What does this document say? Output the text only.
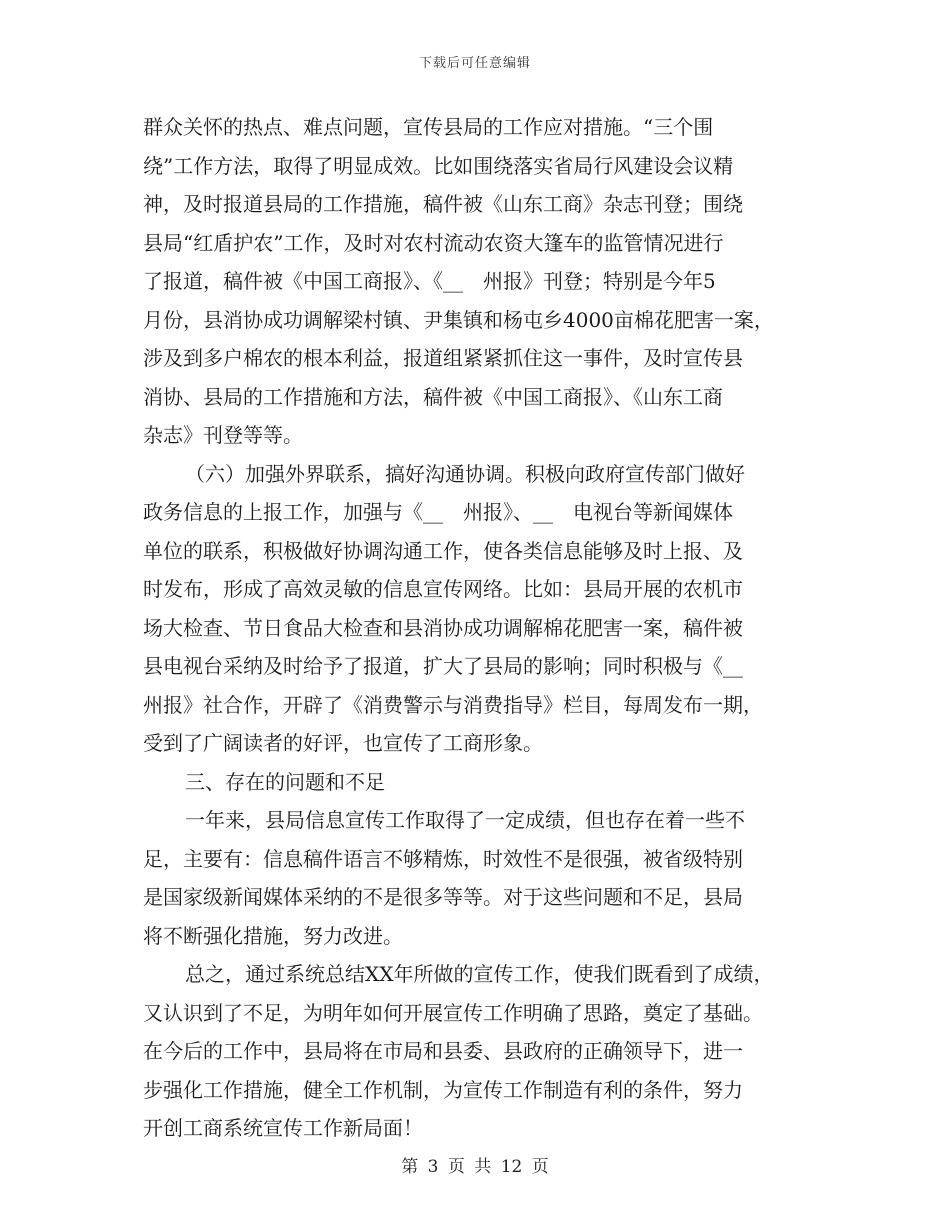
下载后可任意编辑
群众关怀的热点、难点问题，宣传县局的工作应对措施。“三个围
绕”工作方法，取得了明显成效。比如围绕落实省局行风建设会议精
神，及时报道县局的工作措施，稿件被《山东工商》杂志刊登；围绕
县局“红盾护农”工作，及时对农村流动农资大篷车的监管情况进行
了报道，稿件被《中国工商报》、《__　州报》刊登；特别是今年5
月份，县消协成功调解梁村镇、尹集镇和杨屯乡4000亩棉花肥害一案，
涉及到多户棉农的根本利益，报道组紧紧抓住这一事件，及时宣传县
消协、县局的工作措施和方法，稿件被《中国工商报》、《山东工商
杂志》刊登等等。
（六）加强外界联系，搞好沟通协调。积极向政府宣传部门做好
政务信息的上报工作，加强与《__　州报》、__　电视台等新闻媒体
单位的联系，积极做好协调沟通工作，使各类信息能够及时上报、及
时发布，形成了高效灵敏的信息宣传网络。比如：县局开展的农机市
场大检查、节日食品大检查和县消协成功调解棉花肥害一案，稿件被
县电视台采纳及时给予了报道，扩大了县局的影响；同时积极与《__
州报》社合作，开辟了《消费警示与消费指导》栏目，每周发布一期，
受到了广阔读者的好评，也宣传了工商形象。
三、存在的问题和不足
一年来，县局信息宣传工作取得了一定成绩，但也存在着一些不
足，主要有：信息稿件语言不够精炼，时效性不是很强，被省级特别
是国家级新闻媒体采纳的不是很多等等。对于这些问题和不足，县局
将不断强化措施，努力改进。
总之，通过系统总结XX年所做的宣传工作，使我们既看到了成绩，
又认识到了不足，为明年如何开展宣传工作明确了思路，奠定了基础。
在今后的工作中，县局将在市局和县委、县政府的正确领导下，进一
步强化工作措施，健全工作机制，为宣传工作制造有利的条件，努力
开创工商系统宣传工作新局面！
第 3 页 共 12 页
